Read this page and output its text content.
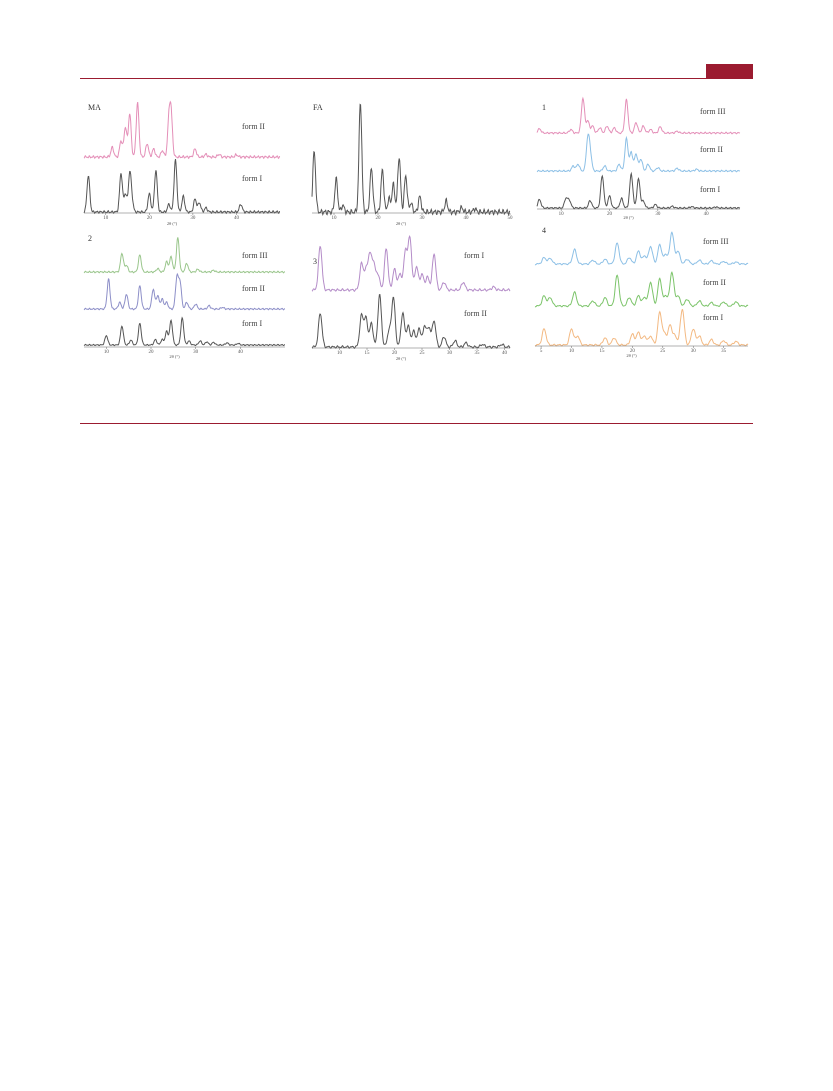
MA
form II
form I
10	20	30	40
2θ (°)
FA
10	20	30	40	50
2θ (°)
1	form III
form II
form I
10	20	30	40
2θ (°)
2
form III
form II
form I
10	20	30	40
2θ (°)
3
form I
form II
10	15	20	25	30	35	40
2θ (°)
4
form III
form II
form I
5	10	15	20	25	30	35
2θ (°)
